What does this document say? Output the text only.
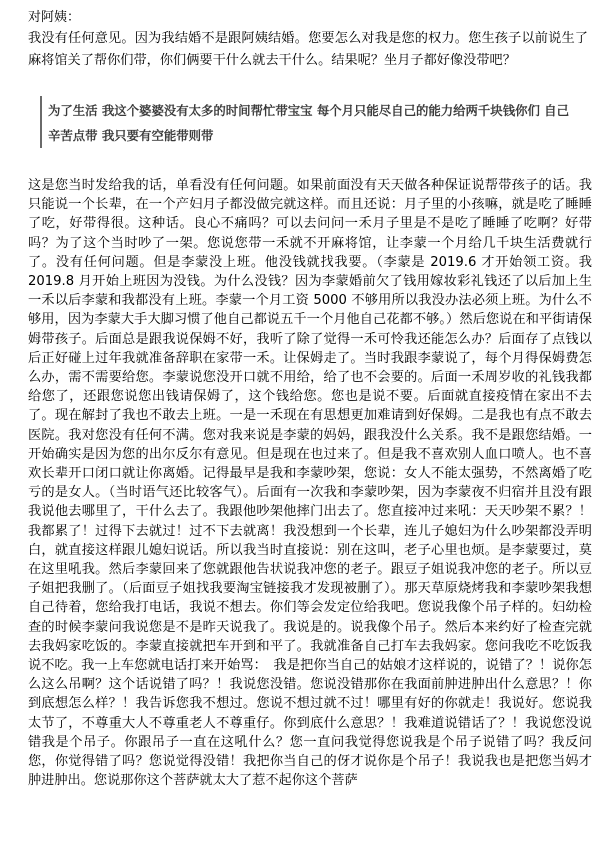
对阿姨：
我没有任何意见。因为我结婚不是跟阿姨结婚。您要怎么对我是您的权力。您生孩子以前说生了麻将馆关了帮你们带，你们俩要干什么就去干什么。结果呢？坐月子都好像没带吧？
为了生活 我这个婆婆没有太多的时间帮忙带宝宝 每个月只能尽自己的能力给两千块钱你们 自己辛苦点带 我只要有空能带则带
这是您当时发给我的话，单看没有任何问题。如果前面没有天天做各种保证说帮带孩子的话。我只能说一个长辈，在一个产妇月子都没做完就这样。而且还说：月子里的小孩嘛，就是吃了睡睡了吃，好带得很。这种话。良心不痛吗？可以去问问一禾月子里是不是吃了睡睡了吃啊？好带吗？为了这个当时吵了一架。您说您带一禾就不开麻将馆，让李蒙一个月给几千块生活费就行了。没有任何问题。但是李蒙没上班。他没钱就找我要。（李蒙是 2019.6 才开始领工资。我 2019.8 月开始上班因为没钱。为什么没钱？因为李蒙婚前欠了钱用嫁妆彩礼钱还了以后加上生一禾以后李蒙和我都没有上班。李蒙一个月工资 5000 不够用所以我没办法必须上班。为什么不够用，因为李蒙大手大脚习惯了他自己都说五千一个月他自己花都不够。）然后您说在和平街请保姆带孩子。后面总是跟我说保姆不好，我听了除了觉得一禾可怜我还能怎么办？后面存了点钱以后正好碰上过年我就准备辞职在家带一禾。让保姆走了。当时我跟李蒙说了，每个月得保姆费怎么办，需不需要给您。李蒙说您没开口就不用给，给了也不会要的。后面一禾周岁收的礼钱我都给您了，还跟您说您出钱请保姆了，这个钱给您。您也是说不要。后面就直接疫情在家出不去了。现在解封了我也不敢去上班。一是一禾现在有思想更加难请到好保姆。二是我也有点不敢去医院。我对您没有任何不满。您对我来说是李蒙的妈妈，跟我没什么关系。我不是跟您结婚。一开始确实是因为您的出尔反尔有意见。但是现在也过来了。但是我不喜欢别人血口喷人。也不喜欢长辈开口闭口就让你离婚。记得最早是我和李蒙吵架，您说：女人不能太强势，不然离婚了吃亏的是女人。（当时语气还比较客气）。后面有一次我和李蒙吵架，因为李蒙夜不归宿并且没有跟我说他去哪里了，干什么去了。我跟他吵架他摔门出去了。您直接冲过来吼：天天吵架不累？！我都累了！过得下去就过！过不下去就离！我没想到一个长辈，连儿子媳妇为什么吵架都没弄明白，就直接这样跟儿媳妇说话。所以我当时直接说：别在这叫，老子心里也烦。是李蒙要过，莫在这里吼我。然后李蒙回来了您就跟他告状说我冲您的老子。跟豆子姐说我冲您的老子。所以豆子姐把我删了。（后面豆子姐找我要淘宝链接我才发现被删了）。那天草原烧烤我和李蒙吵架我想自己待着，您给我打电话，我说不想去。你们等会发定位给我吧。您说我像个吊子样的。妇幼检查的时候李蒙问我说您是不是昨天说我了。我说是的。说我像个吊子。然后本来约好了检查完就去我妈家吃饭的。李蒙直接就把车开到和平了。我就准备自己打车去我妈家。您问我吃不吃饭我说不吃。我一上车您就电话打来开始骂：　我是把你当自己的姑娘才这样说的，说错了？！说你怎么这么吊啊？这个话说错了吗？！我说您没错。您说没错那你在我面前肿进肿出什么意思？！你到底想怎么样？！我告诉您我不想过。您说不想过就不过！哪里有好的你就走！我说好。您说我太节了，不尊重大人不尊重老人不尊重仔。你到底什么意思？！我难道说错话了？！我说您没说错我是个吊子。你跟吊子一直在这吼什么？您一直问我觉得您说我是个吊子说错了吗？我反问您，你觉得错了吗？您说觉得没错！我把你当自己的伢才说你是个吊子！我说我也是把您当妈才肿进肿出。您说那你这个菩萨就太大了惹不起你这个菩萨
